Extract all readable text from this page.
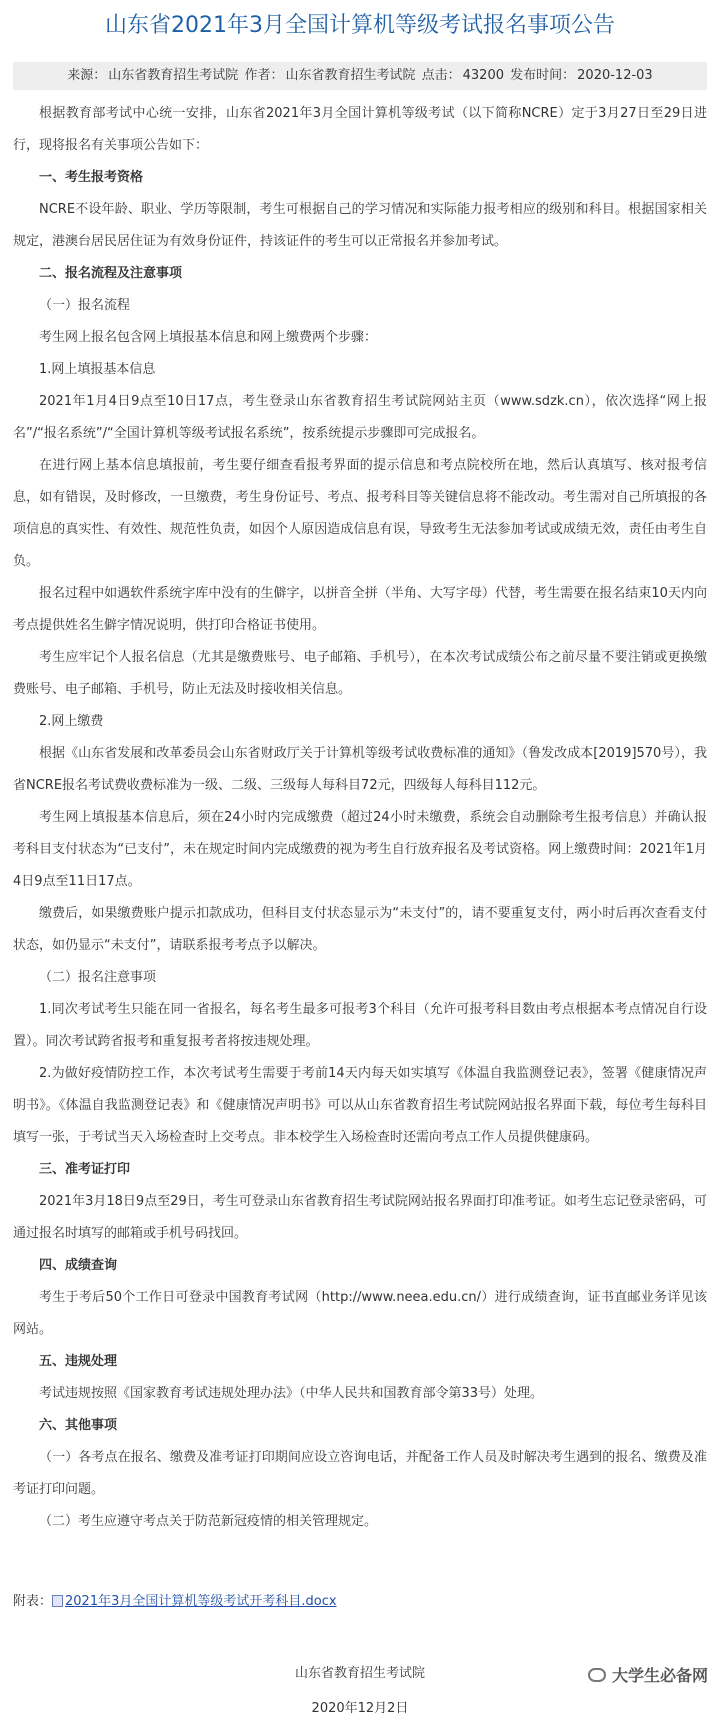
山东省2021年3月全国计算机等级考试报名事项公告
来源： 山东省教育招生考试院 作者： 山东省教育招生考试院 点击： 43200 发布时间： 2020-12-03

根据教育部考试中心统一安排，山东省2021年3月全国计算机等级考试（以下简称NCRE）定于3月27日至29日进行，现将报名有关事项公告如下：

一、考生报考资格

NCRE不设年龄、职业、学历等限制，考生可根据自己的学习情况和实际能力报考相应的级别和科目。根据国家相关规定，港澳台居民居住证为有效身份证件，持该证件的考生可以正常报名并参加考试。

二、报名流程及注意事项

（一）报名流程

考生网上报名包含网上填报基本信息和网上缴费两个步骤：

1.网上填报基本信息

2021年1月4日9点至10日17点，考生登录山东省教育招生考试院网站主页（www.sdzk.cn），依次选择“网上报名”/“报名系统”/“全国计算机等级考试报名系统”，按系统提示步骤即可完成报名。

在进行网上基本信息填报前，考生要仔细查看报考界面的提示信息和考点院校所在地，然后认真填写、核对报考信息，如有错误，及时修改，一旦缴费，考生身份证号、考点、报考科目等关键信息将不能改动。考生需对自己所填报的各项信息的真实性、有效性、规范性负责，如因个人原因造成信息有误，导致考生无法参加考试或成绩无效，责任由考生自负。

报名过程中如遇软件系统字库中没有的生僻字，以拼音全拼（半角、大写字母）代替，考生需要在报名结束10天内向考点提供姓名生僻字情况说明，供打印合格证书使用。

考生应牢记个人报名信息（尤其是缴费账号、电子邮箱、手机号），在本次考试成绩公布之前尽量不要注销或更换缴费账号、电子邮箱、手机号，防止无法及时接收相关信息。

2.网上缴费

根据《山东省发展和改革委员会山东省财政厅关于计算机等级考试收费标准的通知》（鲁发改成本[2019]570号），我省NCRE报名考试费收费标准为一级、二级、三级每人每科目72元，四级每人每科目112元。

考生网上填报基本信息后，须在24小时内完成缴费（超过24小时未缴费，系统会自动删除考生报考信息）并确认报考科目支付状态为“已支付”，未在规定时间内完成缴费的视为考生自行放弃报名及考试资格。网上缴费时间：2021年1月4日9点至11日17点。

缴费后，如果缴费账户提示扣款成功，但科目支付状态显示为“未支付”的，请不要重复支付，两小时后再次查看支付状态，如仍显示“未支付”，请联系报考考点予以解决。

（二）报名注意事项

1.同次考试考生只能在同一省报名，每名考生最多可报考3个科目（允许可报考科目数由考点根据本考点情况自行设置）。同次考试跨省报考和重复报考者将按违规处理。

2.为做好疫情防控工作，本次考试考生需要于考前14天内每天如实填写《体温自我监测登记表》，签署《健康情况声明书》。《体温自我监测登记表》和《健康情况声明书》可以从山东省教育招生考试院网站报名界面下载，每位考生每科目填写一张，于考试当天入场检查时上交考点。非本校学生入场检查时还需向考点工作人员提供健康码。

三、准考证打印

2021年3月18日9点至29日，考生可登录山东省教育招生考试院网站报名界面打印准考证。如考生忘记登录密码，可通过报名时填写的邮箱或手机号码找回。

四、成绩查询

考生于考后50个工作日可登录中国教育考试网（http://www.neea.edu.cn/）进行成绩查询，证书直邮业务详见该网站。

五、违规处理

考试违规按照《国家教育考试违规处理办法》（中华人民共和国教育部令第33号）处理。

六、其他事项

（一）各考点在报名、缴费及准考证打印期间应设立咨询电话，并配备工作人员及时解决考生遇到的报名、缴费及准考证打印问题。

（二）考生应遵守考点关于防范新冠疫情的相关管理规定。

附表： 2021年3月全国计算机等级考试开考科目.docx
山东省教育招生考试院	大学生必备网
2020年12月2日
